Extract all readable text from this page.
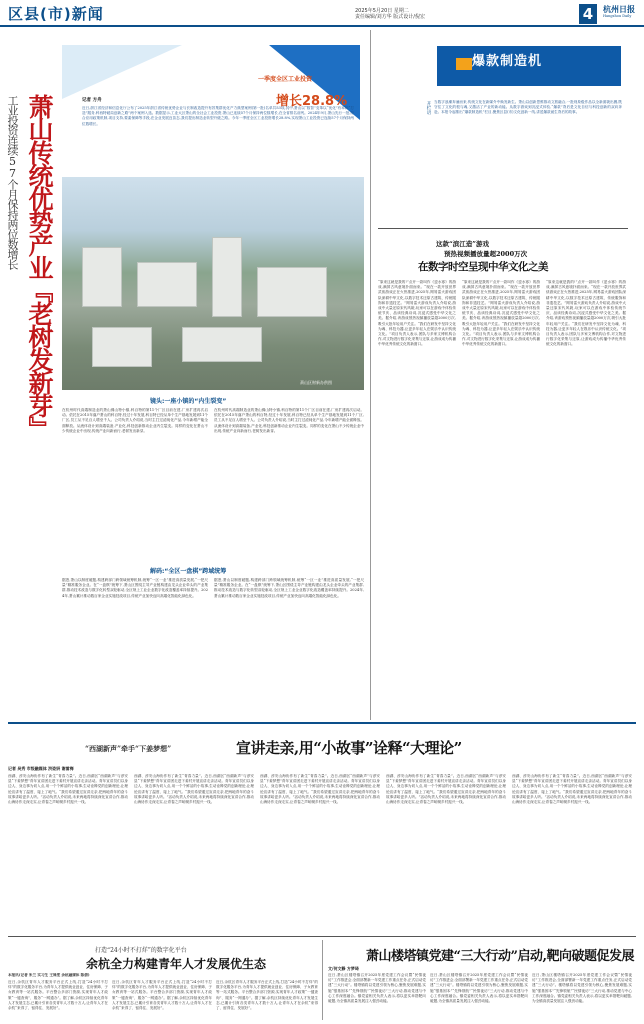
区县(市)新闻	2025年5月20日 星期二
责任编辑/刘方华 版式设计/倪宏	4	杭州日报
Hangzhou Daily
一季度全区工业投资
增长28.8%
工业投资连续57个月保持两位数增长 萧山传统优势产业『老树发新芽』	记者 方舟
近日,浙江省经济和信息化厅公布了2025年浙江省传统优势企业与长制改造提升有效集群优化产力典型案例(第一批)名单共53项,其中,萧山以“数智”变革以“优化”有率和“打造”服务,科西特破局创新之路”两个案例入选。数据显示,工业大区萧山的全社会工业投资,萧山已连续57个月保持两位数增长,在全省排名前列。2024年9月,萧山先行一批,综合应用政策机制,项目支持,要素保障等手段,在企业发展良苗态,我们提出制造业转型升级之路。今年一季度全区工业投资增长28.8%,实现萧山工业投资已连续57个月保持两位数增长。
萧山区财新办供图
镜头:一座小镇的“内生裂变”
在杭州时代高端制造业的萧山佛山特小镇,科百特的第11个厂区目前在建,厂房扩建再次启动。依托在2015年落户萧山的科百特,经过十年发展,科百特已经从单个生产基地发展到11个厂区,员工从不足百人增至千人。公司负责人介绍说,当时主打过滤纯化产品,今年新增产能全面释放。从流体设计到高端装备,产业化,科技创新推动企业内生裂变。同样的变化在萧山不少传统企业中出现,传统产业向新而行,老树发出新芽。
在杭州时代高端制造业的萧山佛山特小镇,科百特的第11个厂区目前在建,厂房扩建再次启动。依托在2015年落户萧山的科百特,经过十年发展,科百特已经从单个生产基地发展到11个厂区,员工从不足百人增至千人。公司负责人介绍说,当时主打过滤纯化产品,今年新增产能全面释放。从流体设计到高端装备,产业化,科技创新推动企业内生裂变。同样的变化在萧山不少传统企业中出现,传统产业向新而行,老树发出新芽。
解码:“全区一盘棋”跨域统筹
据悉,萧山以制度破题,构建跨部门跨领域统筹机制,统筹“一区一业”推进高质量发展,“一把尺量”精准服务企业。在“一盘棋”统筹下,萧山区围绕主导产业链构建由龙头企业牵头的产业集群,推动技术改造与数字化转型双轮驱动,全区规上工业企业数字化改造覆盖率持续提升。2024年,萧山累计推动数百家企业实施技改项目,传统产业加快迈向高端化智能化绿色化。
据悉,萧山以制度破题,构建跨部门跨领域统筹机制,统筹“一区一业”推进高质量发展,“一把尺量”精准服务企业。在“一盘棋”统筹下,萧山区围绕主导产业链构建由龙头企业牵头的产业集群,推动技术改造与数字化转型双轮驱动,全区规上工业企业数字化改造覆盖率持续提升。2024年,萧山累计推动数百家企业实施技改项目,传统产业加快迈向高端化智能化绿色化。
爆款制造机
开栏语 当数字浪潮奔涌而来,传统文化在新媒介中焕发新生。萧山以创新思维推动文旅融合,一批现象级作品以全新面貌出圈,既守住了文化的根与魂,又激活了产业的新动能。从数字游戏到沉浸式体验,“爆款”背后是文化自信与科技创新的双向奔赴。本报今起推出“爆款制造机”栏目,聚焦区县(市)文化创新一线,讲述爆款诞生背后的故事。
这款“滨江造”游戏
预热视频播放量超2000万次
在数字时空呈现中华文化之美
“原来这就是我的!”点开一款叫作《逆水寒》的游戏,满屏古风意境扑面而来。“现在一款开放世界武侠游戏正在火热推进,2025年,网易雷火游戏团队深耕中华文化,以数字技术还原古建筑、传统服饰和非遗技艺。”网易雷火游戏负责人介绍说,游戏中大量还原宋代风貌,玩家可以在游戏中体验传统节庆、品读经典诗词,沉浸式感受中华文化之美。据介绍,该游戏预热视频播放量超2000万次,吸引大批年轻用户关注。“我们在研发中坚持文化为魂、科技为器,让更多年轻人在娱乐中认识传统文化。”项目负责人表示,团队与多家文博机构合作,对文物进行数字化采集与还原,让游戏成为传播中华优秀传统文化的新窗口。
“原来这就是我的!”点开一款叫作《逆水寒》的游戏,满屏古风意境扑面而来。“现在一款开放世界武侠游戏正在火热推进,2025年,网易雷火游戏团队深耕中华文化,以数字技术还原古建筑、传统服饰和非遗技艺。”网易雷火游戏负责人介绍说,游戏中大量还原宋代风貌,玩家可以在游戏中体验传统节庆、品读经典诗词,沉浸式感受中华文化之美。据介绍,该游戏预热视频播放量超2000万次,吸引大批年轻用户关注。“我们在研发中坚持文化为魂、科技为器,让更多年轻人在娱乐中认识传统文化。”项目负责人表示,团队与多家文博机构合作,对文物进行数字化采集与还原,让游戏成为传播中华优秀传统文化的新窗口。
“原来这就是我的!”点开一款叫作《逆水寒》的游戏,满屏古风意境扑面而来。“现在一款开放世界武侠游戏正在火热推进,2025年,网易雷火游戏团队深耕中华文化,以数字技术还原古建筑、传统服饰和非遗技艺。”网易雷火游戏负责人介绍说,游戏中大量还原宋代风貌,玩家可以在游戏中体验传统节庆、品读经典诗词,沉浸式感受中华文化之美。据介绍,该游戏预热视频播放量超2000万次,吸引大批年轻用户关注。“我们在研发中坚持文化为魂、科技为器,让更多年轻人在娱乐中认识传统文化。”项目负责人表示,团队与多家文博机构合作,对文物进行数字化采集与还原,让游戏成为传播中华优秀传统文化的新窗口。
“西湖新声”牵手“下姜梦想”	宣讲走亲,用“小故事”诠释“大理论”
记者 吴秀 市级融媒体 洪姿妍 谢雷梅
西湖、淳安山海协作有了新生“青春力量”。近日,西湖区“西湖新声”与淳安县“下姜梦想”青年宣讲团走进下姜村开展宣讲走亲活动。青年宣讲员们以身边人、身边事为切入点,用一个个鲜活的小故事,生动诠释党的创新理论,让理论宣讲有了温度、接上了地气。“我们希望通过宣讲走亲,把两地青年的奋斗故事讲给更多人听。”活动负责人介绍说,未来两地将持续深化宣讲合作,推动山海协作走深走实,让青春之声响彻乡村振兴一线。
西湖、淳安山海协作有了新生“青春力量”。近日,西湖区“西湖新声”与淳安县“下姜梦想”青年宣讲团走进下姜村开展宣讲走亲活动。青年宣讲员们以身边人、身边事为切入点,用一个个鲜活的小故事,生动诠释党的创新理论,让理论宣讲有了温度、接上了地气。“我们希望通过宣讲走亲,把两地青年的奋斗故事讲给更多人听。”活动负责人介绍说,未来两地将持续深化宣讲合作,推动山海协作走深走实,让青春之声响彻乡村振兴一线。
西湖、淳安山海协作有了新生“青春力量”。近日,西湖区“西湖新声”与淳安县“下姜梦想”青年宣讲团走进下姜村开展宣讲走亲活动。青年宣讲员们以身边人、身边事为切入点,用一个个鲜活的小故事,生动诠释党的创新理论,让理论宣讲有了温度、接上了地气。“我们希望通过宣讲走亲,把两地青年的奋斗故事讲给更多人听。”活动负责人介绍说,未来两地将持续深化宣讲合作,推动山海协作走深走实,让青春之声响彻乡村振兴一线。
西湖、淳安山海协作有了新生“青春力量”。近日,西湖区“西湖新声”与淳安县“下姜梦想”青年宣讲团走进下姜村开展宣讲走亲活动。青年宣讲员们以身边人、身边事为切入点,用一个个鲜活的小故事,生动诠释党的创新理论,让理论宣讲有了温度、接上了地气。“我们希望通过宣讲走亲,把两地青年的奋斗故事讲给更多人听。”活动负责人介绍说,未来两地将持续深化宣讲合作,推动山海协作走深走实,让青春之声响彻乡村振兴一线。
西湖、淳安山海协作有了新生“青春力量”。近日,西湖区“西湖新声”与淳安县“下姜梦想”青年宣讲团走进下姜村开展宣讲走亲活动。青年宣讲员们以身边人、身边事为切入点,用一个个鲜活的小故事,生动诠释党的创新理论,让理论宣讲有了温度、接上了地气。“我们希望通过宣讲走亲,把两地青年的奋斗故事讲给更多人听。”活动负责人介绍说,未来两地将持续深化宣讲合作,推动山海协作走深走实,让青春之声响彻乡村振兴一线。
打造“24小时不打烊”的数字化平台
余杭全力构建青年人才发展优生态
本报讯(记者 朱兰 实习生 王姝雯 余杭融媒体 陈倩)
近日,余杭区青年人才服务平台正式上线,打造“24小时不打烊”的数字化服务平台,为青年人才提供就业创业、住房保障、子女教育等一站式服务。平台整合多部门资源,实现青年人才政策“一键查询”、服务“一网通办”。据了解,余杭区持续优化青年人才发展生态,已累计引育各类青年人才数十万人,让青年人才在余杭“来得了、留得住、发展好”。
近日,余杭区青年人才服务平台正式上线,打造“24小时不打烊”的数字化服务平台,为青年人才提供就业创业、住房保障、子女教育等一站式服务。平台整合多部门资源,实现青年人才政策“一键查询”、服务“一网通办”。据了解,余杭区持续优化青年人才发展生态,已累计引育各类青年人才数十万人,让青年人才在余杭“来得了、留得住、发展好”。
近日,余杭区青年人才服务平台正式上线,打造“24小时不打烊”的数字化服务平台,为青年人才提供就业创业、住房保障、子女教育等一站式服务。平台整合多部门资源,实现青年人才政策“一键查询”、服务“一网通办”。据了解,余杭区持续优化青年人才发展生态,已累计引育各类青年人才数十万人,让青年人才在余杭“来得了、留得住、发展好”。
萧山楼塔镇党建“三大行动”启动,靶向破题促发展
文/何文静 方梦琦
近日,萧山区楼塔镇召开2025年度党建工作会议暨“民情夜访”工作推进会,全面部署新一年党建工作重点任务,正式启动党建“三大行动”。楼塔镇将以党建引领为核心,聚焦发展难题,实施“强基固本”“先锋领航”“民情夜访”三大行动,推动党建与中心工作深度融合。镇党委相关负责人表示,将以更实举措靶向破题,为全镇高质量发展注入强劲动能。
近日,萧山区楼塔镇召开2025年度党建工作会议暨“民情夜访”工作推进会,全面部署新一年党建工作重点任务,正式启动党建“三大行动”。楼塔镇将以党建引领为核心,聚焦发展难题,实施“强基固本”“先锋领航”“民情夜访”三大行动,推动党建与中心工作深度融合。镇党委相关负责人表示,将以更实举措靶向破题,为全镇高质量发展注入强劲动能。
近日,萧山区楼塔镇召开2025年度党建工作会议暨“民情夜访”工作推进会,全面部署新一年党建工作重点任务,正式启动党建“三大行动”。楼塔镇将以党建引领为核心,聚焦发展难题,实施“强基固本”“先锋领航”“民情夜访”三大行动,推动党建与中心工作深度融合。镇党委相关负责人表示,将以更实举措靶向破题,为全镇高质量发展注入强劲动能。
